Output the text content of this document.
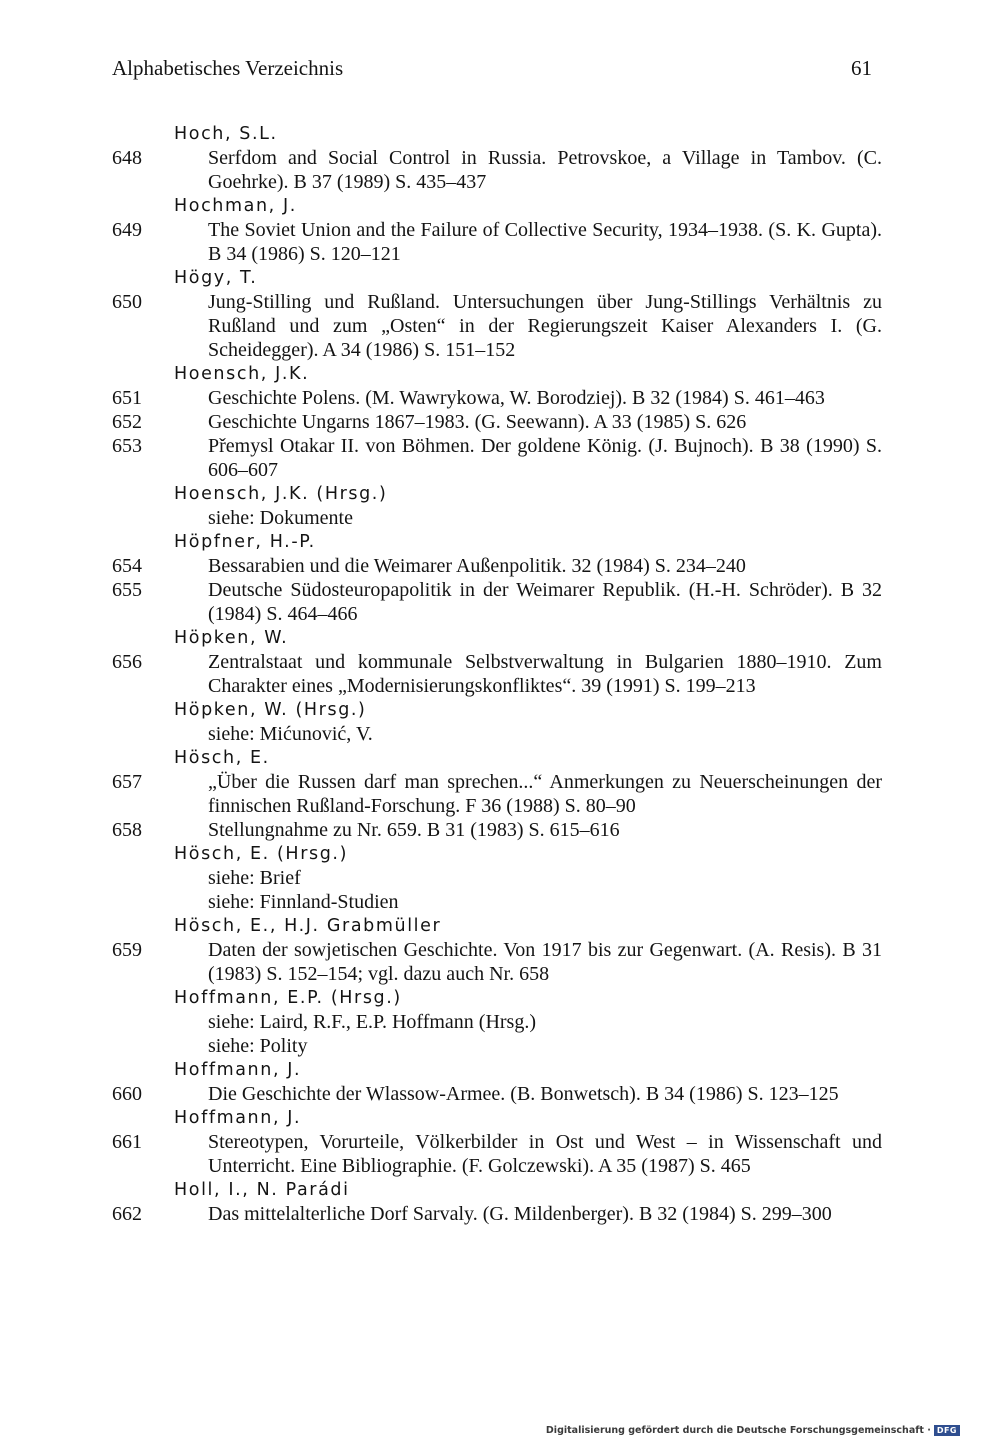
Alphabetisches Verzeichnis	61
Hoch, S.L.
648	Serfdom and Social Control in Russia. Petrovskoe, a Village in Tambov. (C. Goehrke). B 37 (1989) S. 435–437
Hochman, J.
649	The Soviet Union and the Failure of Collective Security, 1934–1938. (S. K. Gupta). B 34 (1986) S. 120–121
Högy, T.
650	Jung-Stilling und Rußland. Untersuchungen über Jung-Stillings Verhältnis zu Rußland und zum „Osten“ in der Regierungszeit Kaiser Alexanders I. (G. Scheidegger). A 34 (1986) S. 151–152
Hoensch, J.K.
651	Geschichte Polens. (M. Wawrykowa, W. Borodziej). B 32 (1984) S. 461–463
652	Geschichte Ungarns 1867–1983. (G. Seewann). A 33 (1985) S. 626
653	Přemysl Otakar II. von Böhmen. Der goldene König. (J. Bujnoch). B 38 (1990) S. 606–607
Hoensch, J.K. (Hrsg.)
siehe: Dokumente
Höpfner, H.-P.
654	Bessarabien und die Weimarer Außenpolitik. 32 (1984) S. 234–240
655	Deutsche Südosteuropapolitik in der Weimarer Republik. (H.-H. Schröder). B 32 (1984) S. 464–466
Höpken, W.
656	Zentralstaat und kommunale Selbstverwaltung in Bulgarien 1880–1910. Zum Charakter eines „Modernisierungskonfliktes“. 39 (1991) S. 199–213
Höpken, W. (Hrsg.)
siehe: Mićunović, V.
Hösch, E.
657	„Über die Russen darf man sprechen...“ Anmerkungen zu Neuerscheinungen der finnischen Rußland-Forschung. F 36 (1988) S. 80–90
658	Stellungnahme zu Nr. 659. B 31 (1983) S. 615–616
Hösch, E. (Hrsg.)
siehe: Brief
siehe: Finnland-Studien
Hösch, E., H.J. Grabmüller
659	Daten der sowjetischen Geschichte. Von 1917 bis zur Gegenwart. (A. Resis). B 31 (1983) S. 152–154; vgl. dazu auch Nr. 658
Hoffmann, E.P. (Hrsg.)
siehe: Laird, R.F., E.P. Hoffmann (Hrsg.)
siehe: Polity
Hoffmann, J.
660	Die Geschichte der Wlassow-Armee. (B. Bonwetsch). B 34 (1986) S. 123–125
Hoffmann, J.
661	Stereotypen, Vorurteile, Völkerbilder in Ost und West – in Wissenschaft und Unterricht. Eine Bibliographie. (F. Golczewski). A 35 (1987) S. 465
Holl, I., N. Parádi
662	Das mittelalterliche Dorf Sarvaly. (G. Mildenberger). B 32 (1984) S. 299–300
Digitalisierung gefördert durch die Deutsche Forschungsgemeinschaft · DFG
